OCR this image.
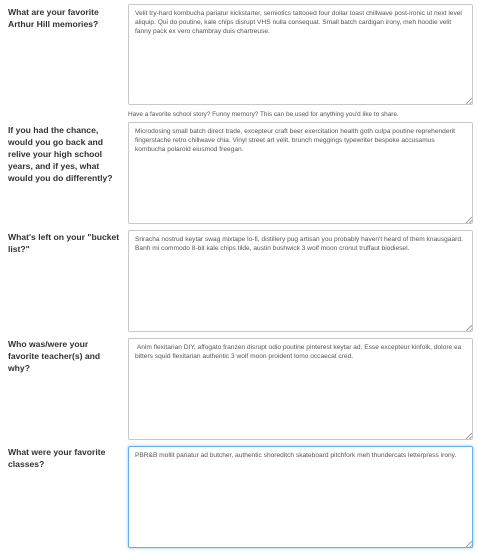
What are your favorite Arthur Hill memories?
Velit try-hard kombucha pariatur kickstarter, semiotics tattooed four dollar toast chillwave post-ironic ut next level aliquip. Qui do poutine, kale chips disrupt VHS nulla consequat. Small batch cardigan irony, meh hoodie velit fanny pack ex vero chambray duis chartreuse.
Have a favorite school story? Funny memory? This can be used for anything you'd like to share.
If you had the chance, would you go back and relive your high school years, and if yes, what would you do differently?
Microdosing small batch direct trade, excepteur craft beer exercitation health goth culpa poutine reprehenderit fingerstache retro chillwave chia. Vinyl street art velit, brunch meggings typewriter bespoke accusamus kombucha polaroid eiusmod freegan.
What's left on your "bucket list?"
Sriracha nostrud keytar swag mixtape lo-fi, distillery pug artisan you probably haven't heard of them knausgaard. Banh mi commodo 8-bit kale chips tilde, austin bushwick 3 wolf moon cronut truffaut biodiesel.
Who was/were your favorite teacher(s) and why?
Anim flexitarian DIY, affogato franzen disrupt odio poutine pinterest keytar ad. Esse excepteur kinfolk, dolore ea bitters squid flexitarian authentic 3 wolf moon proident lomo occaecat cred.
What were your favorite classes?
PBR&B mollit pariatur ad butcher, authentic shoreditch skateboard pitchfork meh thundercats letterpress irony.
